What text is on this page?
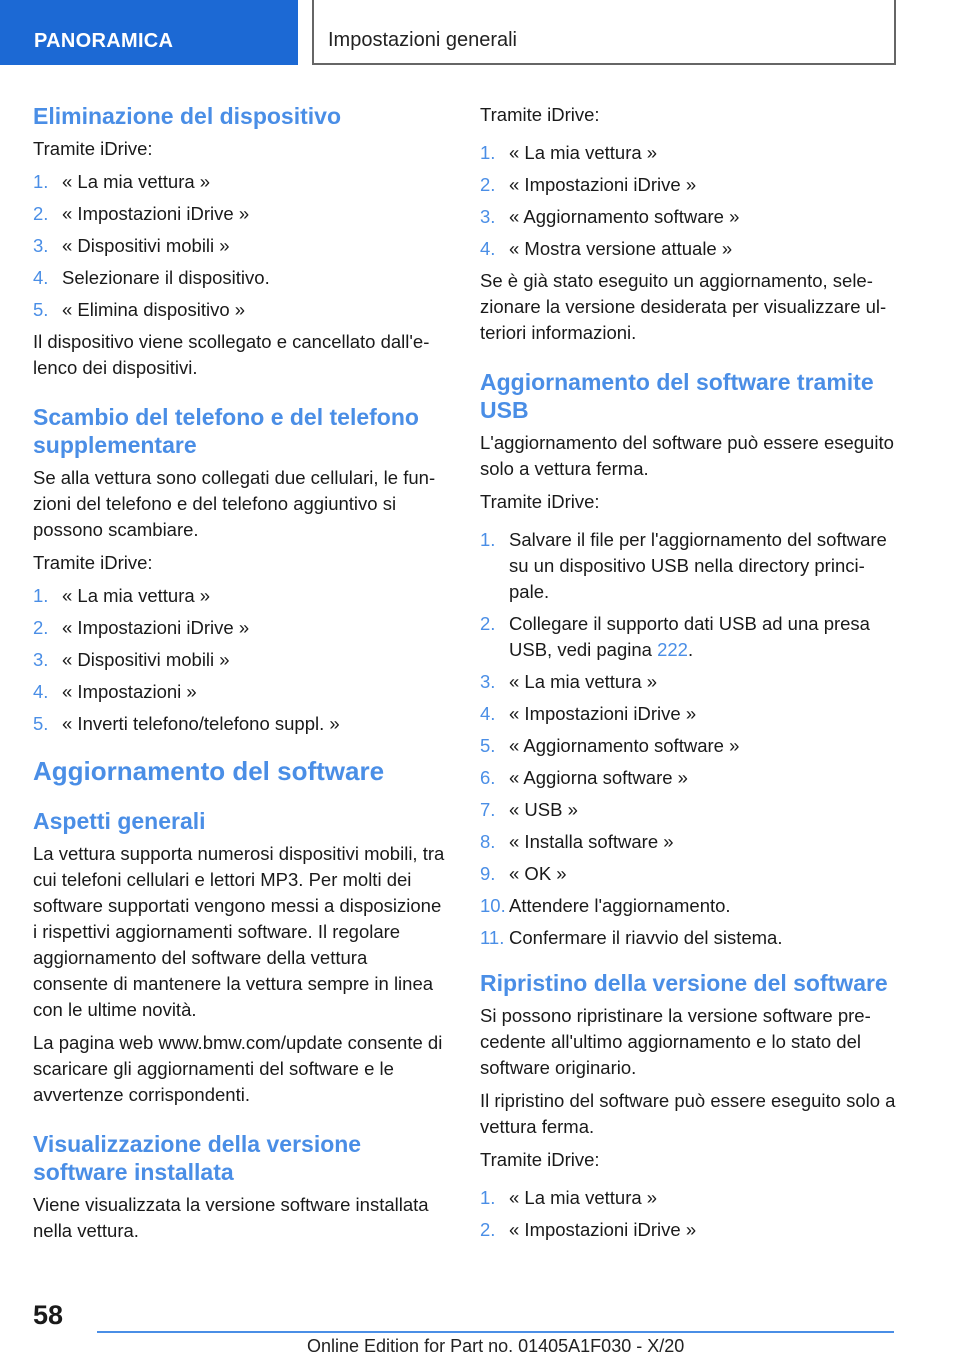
PANORAMICA	Impostazioni generali
Eliminazione del dispositivo

Tramite iDrive:

1. « La mia vettura »
2. « Impostazioni iDrive »
3. « Dispositivi mobili »
4. Selezionare il dispositivo.
5. « Elimina dispositivo »

Il dispositivo viene scollegato e cancellato dall'elenco dei dispositivi.

Scambio del telefono e del telefono supplementare

Se alla vettura sono collegati due cellulari, le funzioni del telefono e del telefono aggiuntivo si possono scambiare.

Tramite iDrive:

1. « La mia vettura »
2. « Impostazioni iDrive »
3. « Dispositivi mobili »
4. « Impostazioni »
5. « Inverti telefono/telefono suppl. »
Aggiornamento del software
Aspetti generali

La vettura supporta numerosi dispositivi mobili, tra cui telefoni cellulari e lettori MP3. Per molti dei software supportati vengono messi a disposizione i rispettivi aggiornamenti software. Il regolare aggiornamento del software della vettura consente di mantenere la vettura sempre in linea con le ultime novità.

La pagina web www.bmw.com/update consente di scaricare gli aggiornamenti del software e le avvertenze corrispondenti.

Visualizzazione della versione software installata

Viene visualizzata la versione software installata nella vettura.

Tramite iDrive:

1. « La mia vettura »
2. « Impostazioni iDrive »
3. « Aggiornamento software »
4. « Mostra versione attuale »

Se è già stato eseguito un aggiornamento, selezionare la versione desiderata per visualizzare ulteriori informazioni.

Aggiornamento del software tramite USB

L'aggiornamento del software può essere eseguito solo a vettura ferma.

Tramite iDrive:

1. Salvare il file per l'aggiornamento del software su un dispositivo USB nella directory principale.
2. Collegare il supporto dati USB ad una presa USB, vedi pagina 222.
3. « La mia vettura »
4. « Impostazioni iDrive »
5. « Aggiornamento software »
6. « Aggiorna software »
7. « USB »
8. « Installa software »
9. « OK »
10. Attendere l'aggiornamento.
11. Confermare il riavvio del sistema.
Ripristino della versione del software

Si possono ripristinare la versione software precedente all'ultimo aggiornamento e lo stato del software originario.

Il ripristino del software può essere eseguito solo a vettura ferma.

Tramite iDrive:

1. « La mia vettura »
2. « Impostazioni iDrive »
58
Online Edition for Part no. 01405A1F030 - X/20
